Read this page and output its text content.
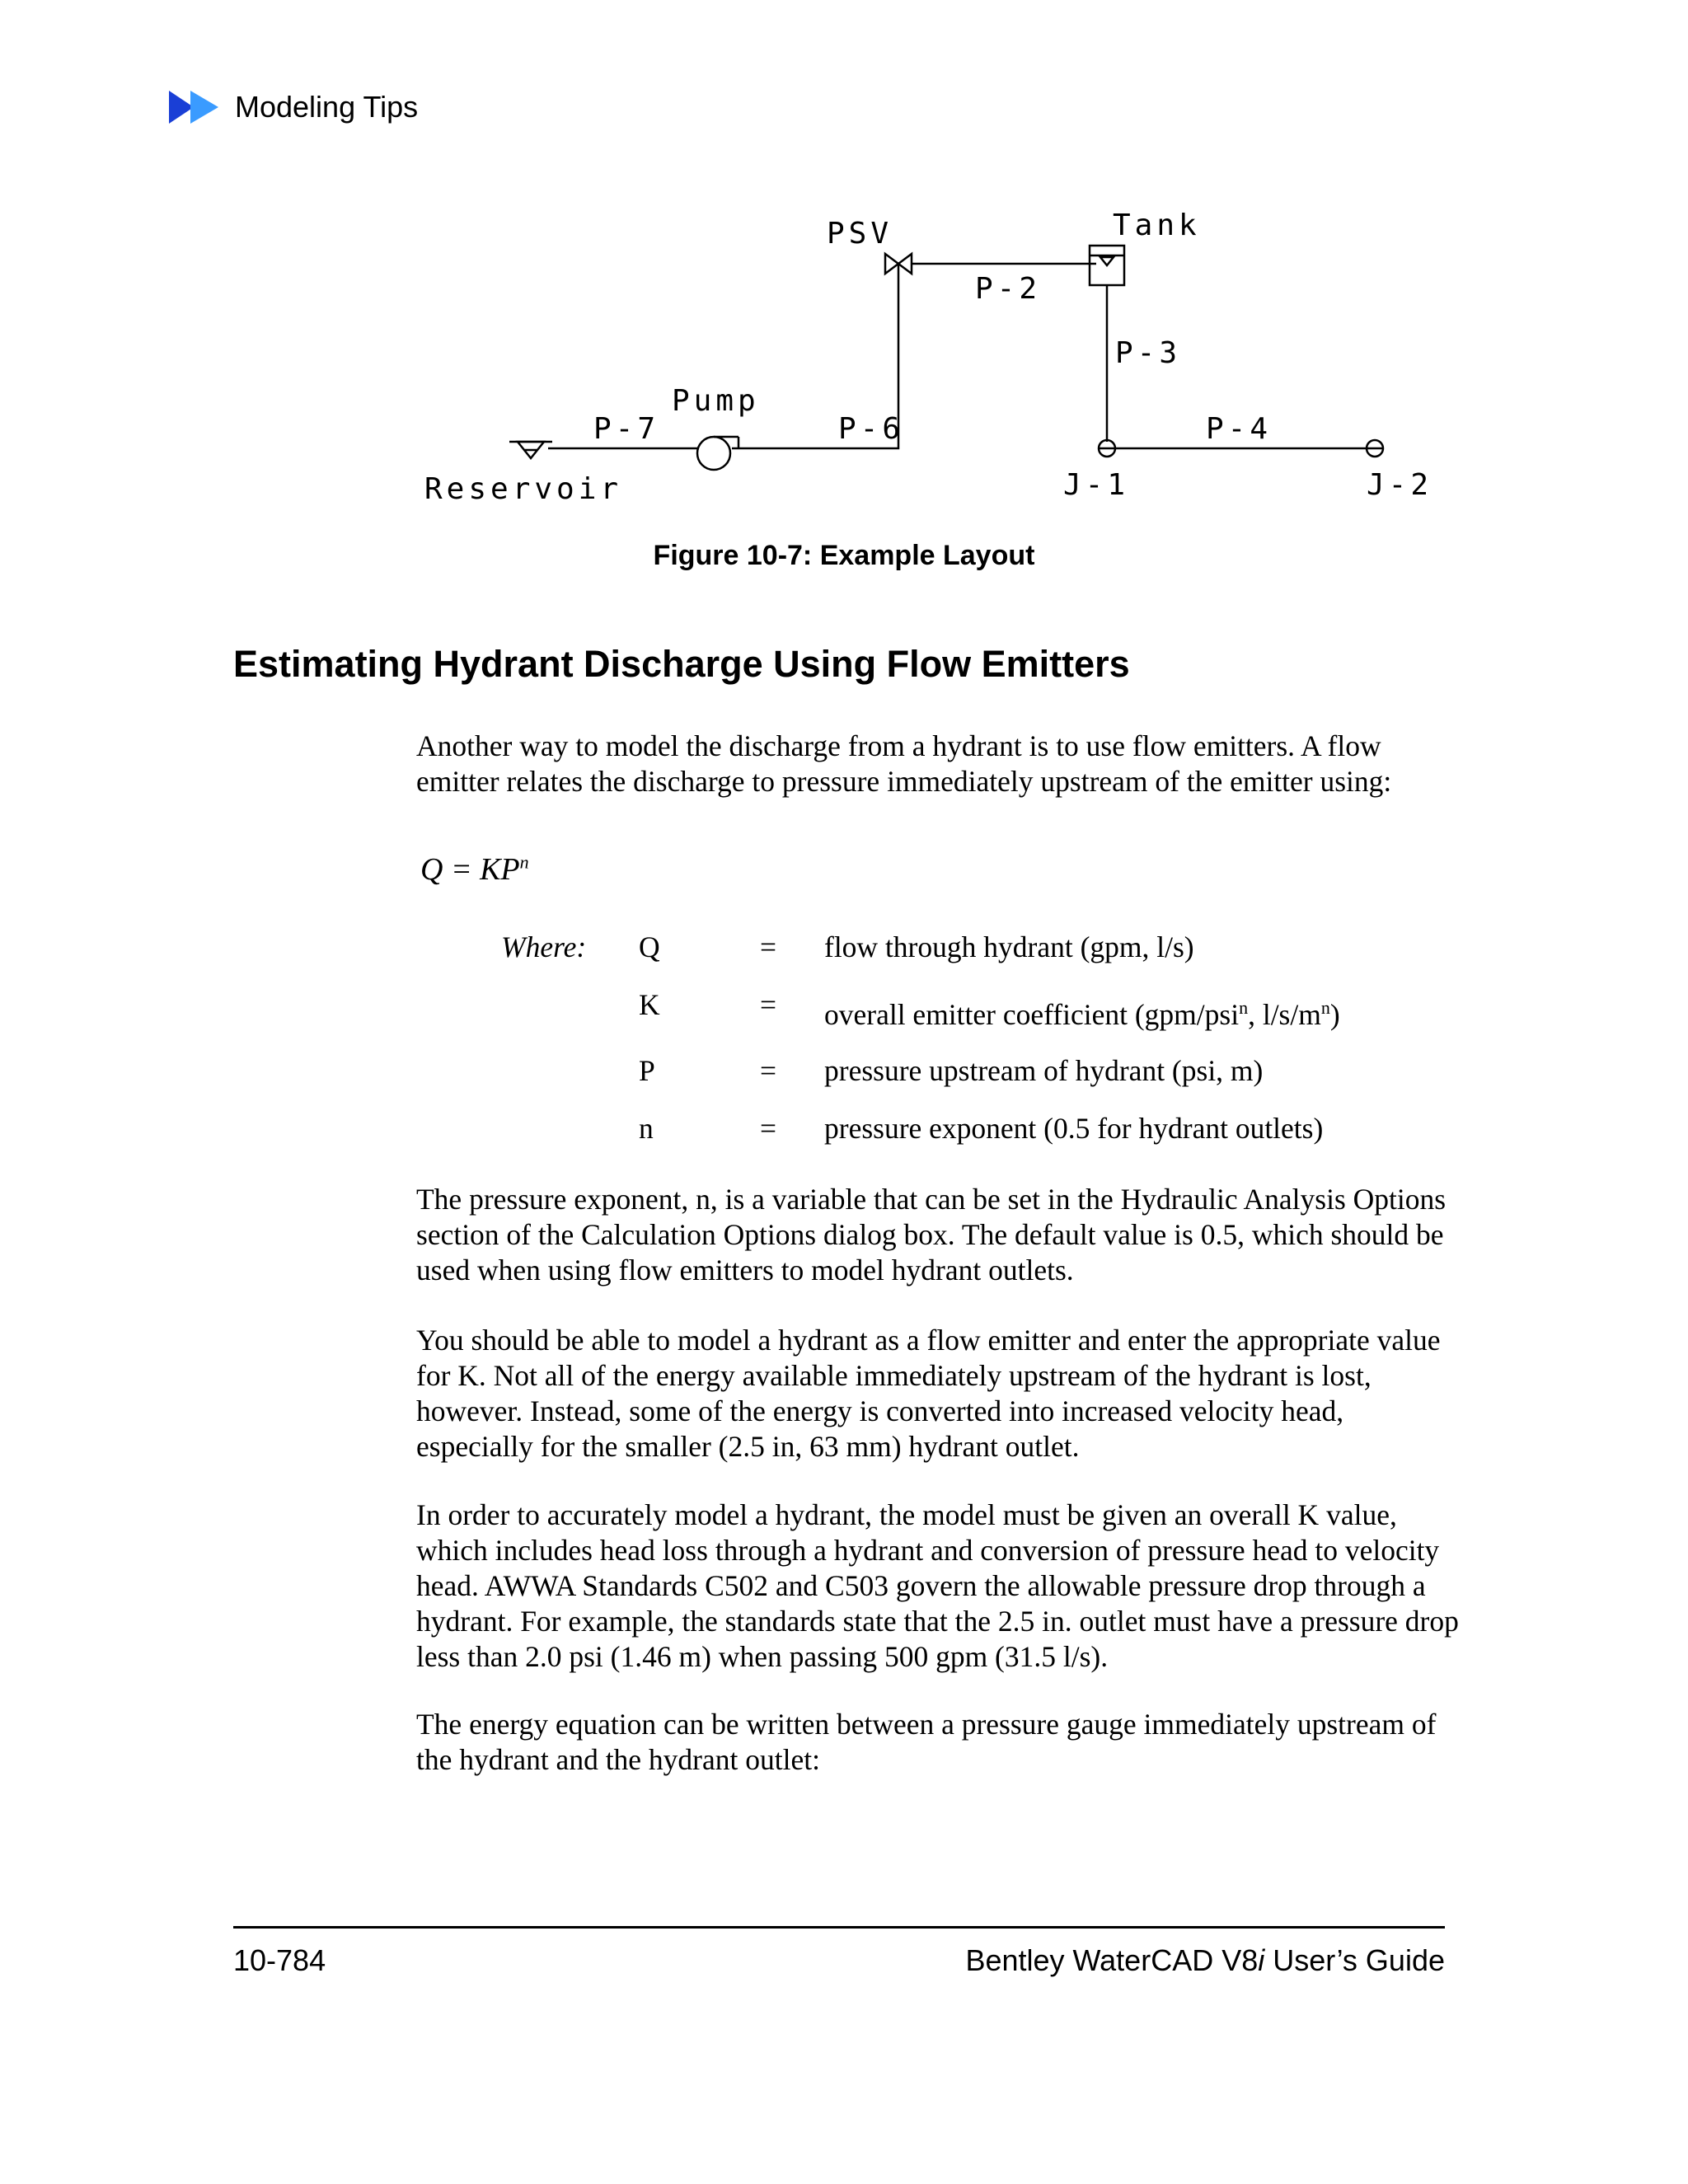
Modeling Tips
PSV	Tank
P-2
P-3
Pump
P-7	P-6	P-4
Reservoir	J-1	J-2
Figure 10-7: Example Layout
Estimating Hydrant Discharge Using Flow Emitters

Another way to model the discharge from a hydrant is to use flow emitters. A flow emitter relates the discharge to pressure immediately upstream of the emitter using:

$Q = KP^n$
Where: Q	= flow through hydrant (gpm, l/s)
K	= overall emitter coefficient (gpm/psi$^n$, $l/s/m^n$)
P	= pressure upstream of hydrant (psi, m)
n	= pressure exponent (0.5 for hydrant outlets)

The pressure exponent, n, is a variable that can be set in the Hydraulic Analysis Options section of the Calculation Options dialog box. The default value is 0.5, which should be used when using flow emitters to model hydrant outlets.

You should be able to model a hydrant as a flow emitter and enter the appropriate value for K. Not all of the energy available immediately upstream of the hydrant is lost, however. Instead, some of the energy is converted into increased velocity head, especially for the smaller (2.5 in, 63 mm) hydrant outlet.

In order to accurately model a hydrant, the model must be given an overall K value, which includes head loss through a hydrant and conversion of pressure head to velocity head. AWWA Standards C502 and C503 govern the allowable pressure drop through a hydrant. For example, the standards state that the 2.5 in. outlet must have a pressure drop less than 2.0 psi (1.46 m) when passing 500 gpm (31.5 l/s).

The energy equation can be written between a pressure gauge immediately upstream of the hydrant and the hydrant outlet:

10-784	Bentley WaterCAD V8i User’s Guide
